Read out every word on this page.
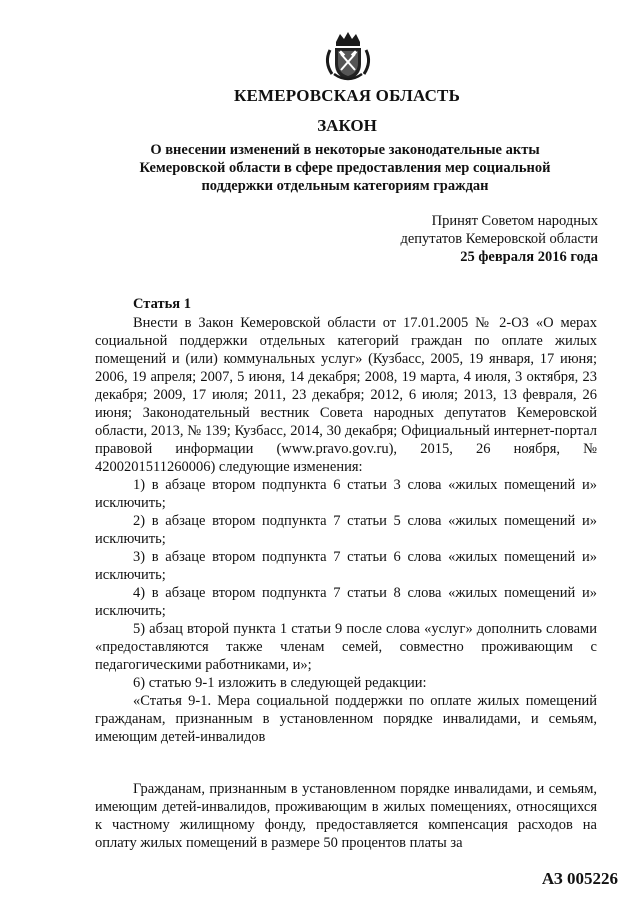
КЕМЕРОВСКАЯ ОБЛАСТЬ
ЗАКОН
О внесении изменений в некоторые законодательные акты
Кемеровской области в сфере предоставления мер социальной
поддержки отдельным категориям граждан
Принят Советом народных
депутатов Кемеровской области
25 февраля 2016 года
Статья 1

Внести в Закон Кемеровской области от 17.01.2005 № 2-ОЗ «О мерах социальной поддержки отдельных категорий граждан по оплате жилых помещений и (или) коммунальных услуг» (Кузбасс, 2005, 19 января, 17 июня; 2006, 19 апреля; 2007, 5 июня, 14 декабря; 2008, 19 марта, 4 июля, 3 октября, 23 декабря; 2009, 17 июля; 2011, 23 декабря; 2012, 6 июля; 2013, 13 февраля, 26 июня; Законодательный вестник Совета народных депутатов Кемеровской области, 2013, № 139; Кузбасс, 2014, 30 декабря; Официальный интернет-портал правовой информации (www.pravo.gov.ru), 2015, 26 ноября, № 4200201511260006) следующие изменения:

1) в абзаце втором подпункта 6 статьи 3 слова «жилых помещений и» исключить;

2) в абзаце втором подпункта 7 статьи 5 слова «жилых помещений и» исключить;

3) в абзаце втором подпункта 7 статьи 6 слова «жилых помещений и» исключить;

4) в абзаце втором подпункта 7 статьи 8 слова «жилых помещений и» исключить;

5) абзац второй пункта 1 статьи 9 после слова «услуг» дополнить словами «предоставляются также членам семей, совместно проживающим с педагогическими работниками, и»;

6) статью 9-1 изложить в следующей редакции:

«Статья 9-1. Мера социальной поддержки по оплате жилых помещений гражданам, признанным в установленном порядке инвалидами, и семьям, имеющим детей-инвалидов

Гражданам, признанным в установленном порядке инвалидами, и семьям, имеющим детей-инвалидов, проживающим в жилых помещениях, относящихся к частному жилищному фонду, предоставляется компенсация расходов на оплату жилых помещений в размере 50 процентов платы за

АЗ 005226
